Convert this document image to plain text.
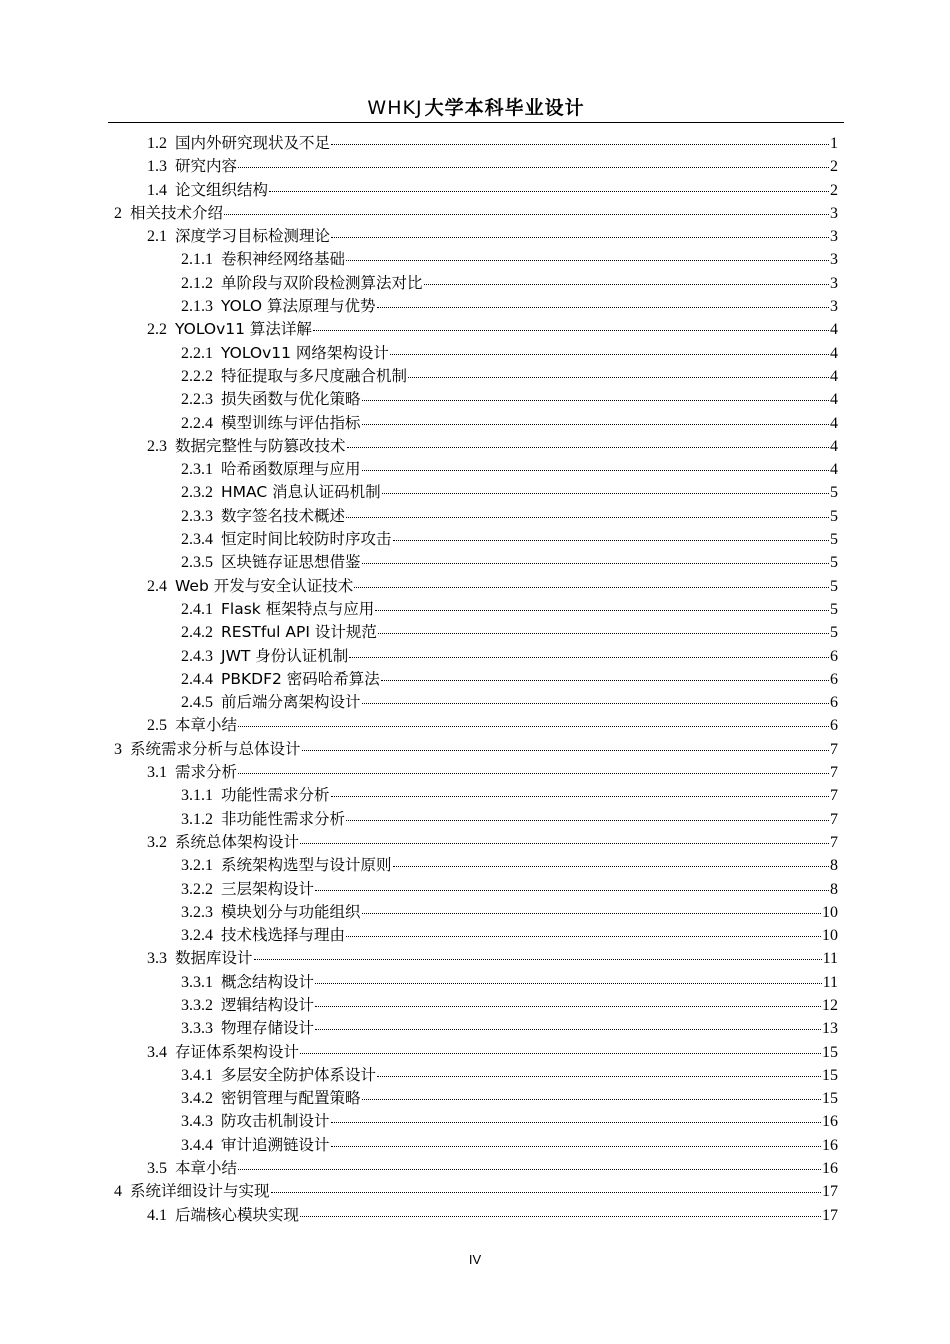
WHKJ 大学本科毕业设计
1.2 国内外研究现状及不足	1
1.3 研究内容	2
1.4 论文组织结构	2
2 相关技术介绍	3
2.1 深度学习目标检测理论	3
2.1.1 卷积神经网络基础	3
2.1.2 单阶段与双阶段检测算法对比	3
2.1.3 YOLO 算法原理与优势	3
2.2 YOLOv11 算法详解	4
2.2.1 YOLOv11 网络架构设计	4
2.2.2 特征提取与多尺度融合机制	4
2.2.3 损失函数与优化策略	4
2.2.4 模型训练与评估指标	4
2.3 数据完整性与防篡改技术	4
2.3.1 哈希函数原理与应用	4
2.3.2 HMAC 消息认证码机制	5
2.3.3 数字签名技术概述	5
2.3.4 恒定时间比较防时序攻击	5
2.3.5 区块链存证思想借鉴	5
2.4 Web 开发与安全认证技术	5
2.4.1 Flask 框架特点与应用	5
2.4.2 RESTful API 设计规范	5
2.4.3 JWT 身份认证机制	6
2.4.4 PBKDF2 密码哈希算法	6
2.4.5 前后端分离架构设计	6
2.5 本章小结	6
3 系统需求分析与总体设计	7
3.1 需求分析	7
3.1.1 功能性需求分析	7
3.1.2 非功能性需求分析	7
3.2 系统总体架构设计	7
3.2.1 系统架构选型与设计原则	8
3.2.2 三层架构设计	8
3.2.3 模块划分与功能组织	10
3.2.4 技术栈选择与理由	10
3.3 数据库设计	11
3.3.1 概念结构设计	11
3.3.2 逻辑结构设计	12
3.3.3 物理存储设计	13
3.4 存证体系架构设计	15
3.4.1 多层安全防护体系设计	15
3.4.2 密钥管理与配置策略	15
3.4.3 防攻击机制设计	16
3.4.4 审计追溯链设计	16
3.5 本章小结	16
4 系统详细设计与实现	17
4.1 后端核心模块实现	17
IV
